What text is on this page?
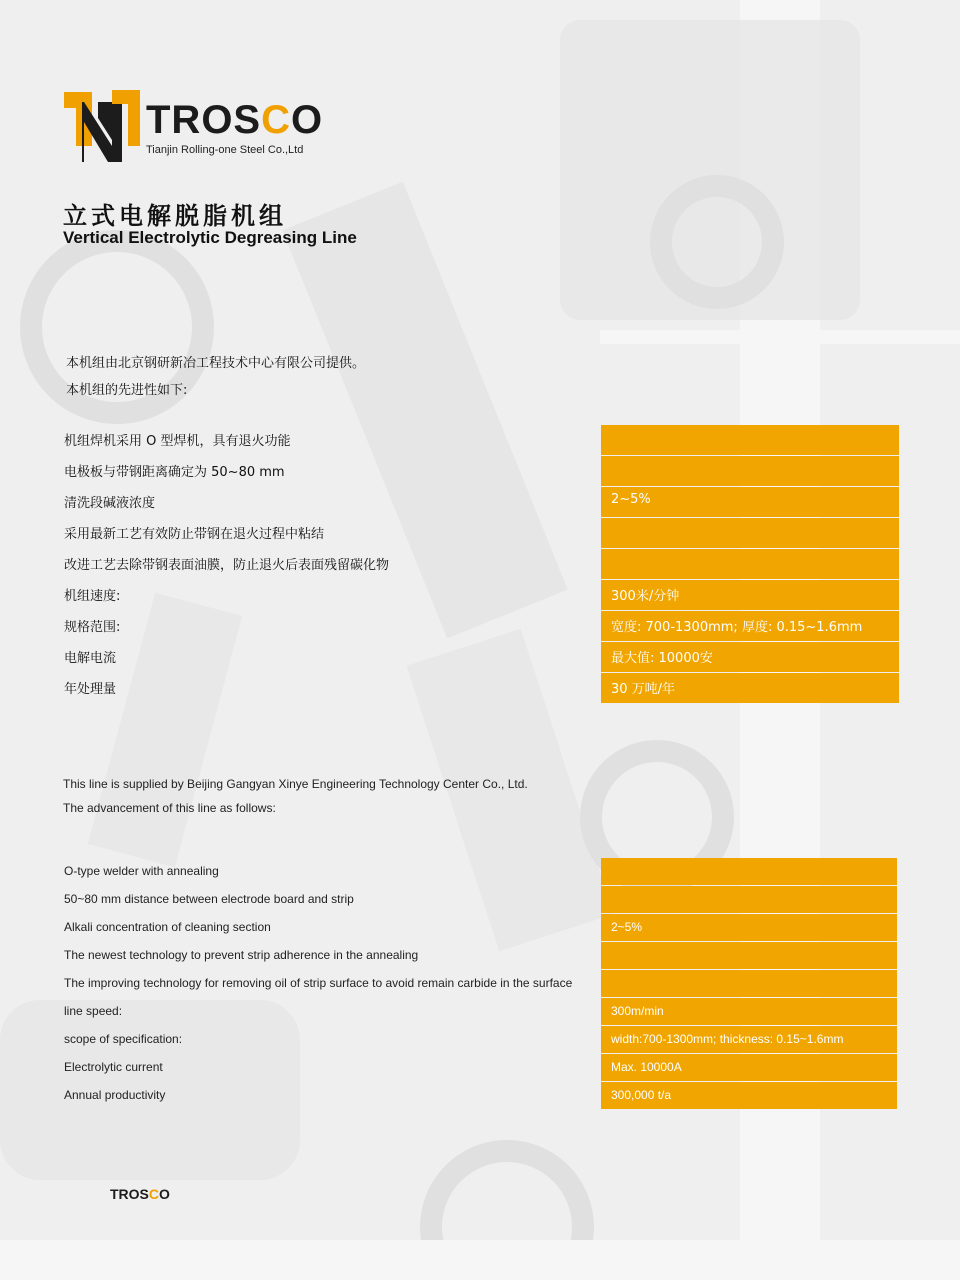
TROSCO
Tianjin Rolling-one Steel Co.,Ltd
立式电解脱脂机组
Vertical Electrolytic Degreasing Line
本机组由北京钢研新冶工程技术中心有限公司提供。
本机组的先进性如下:
机组焊机采用 O 型焊机，具有退火功能
电极板与带钢距离确定为 50~80 mm
清洗段碱液浓度	2~5%
采用最新工艺有效防止带钢在退火过程中粘结
改进工艺去除带钢表面油膜，防止退火后表面残留碳化物
机组速度:	300米/分钟
规格范围:	宽度: 700-1300mm; 厚度: 0.15~1.6mm
电解电流	最大值: 10000安
年处理量	30 万吨/年
This line is supplied by Beijing Gangyan Xinye Engineering Technology Center Co., Ltd.
The advancement of this line as follows:
O-type welder with annealing
50~80 mm distance between electrode board and strip
Alkali concentration of cleaning section	2~5%
The newest technology to prevent strip adherence in the annealing
The improving technology for removing oil of strip surface to avoid remain carbide in the surface
line speed:	300m/min
scope of specification:	width:700-1300mm; thickness: 0.15~1.6mm
Electrolytic current	Max. 10000A
Annual productivity	300,000 t/a
TROSCO
